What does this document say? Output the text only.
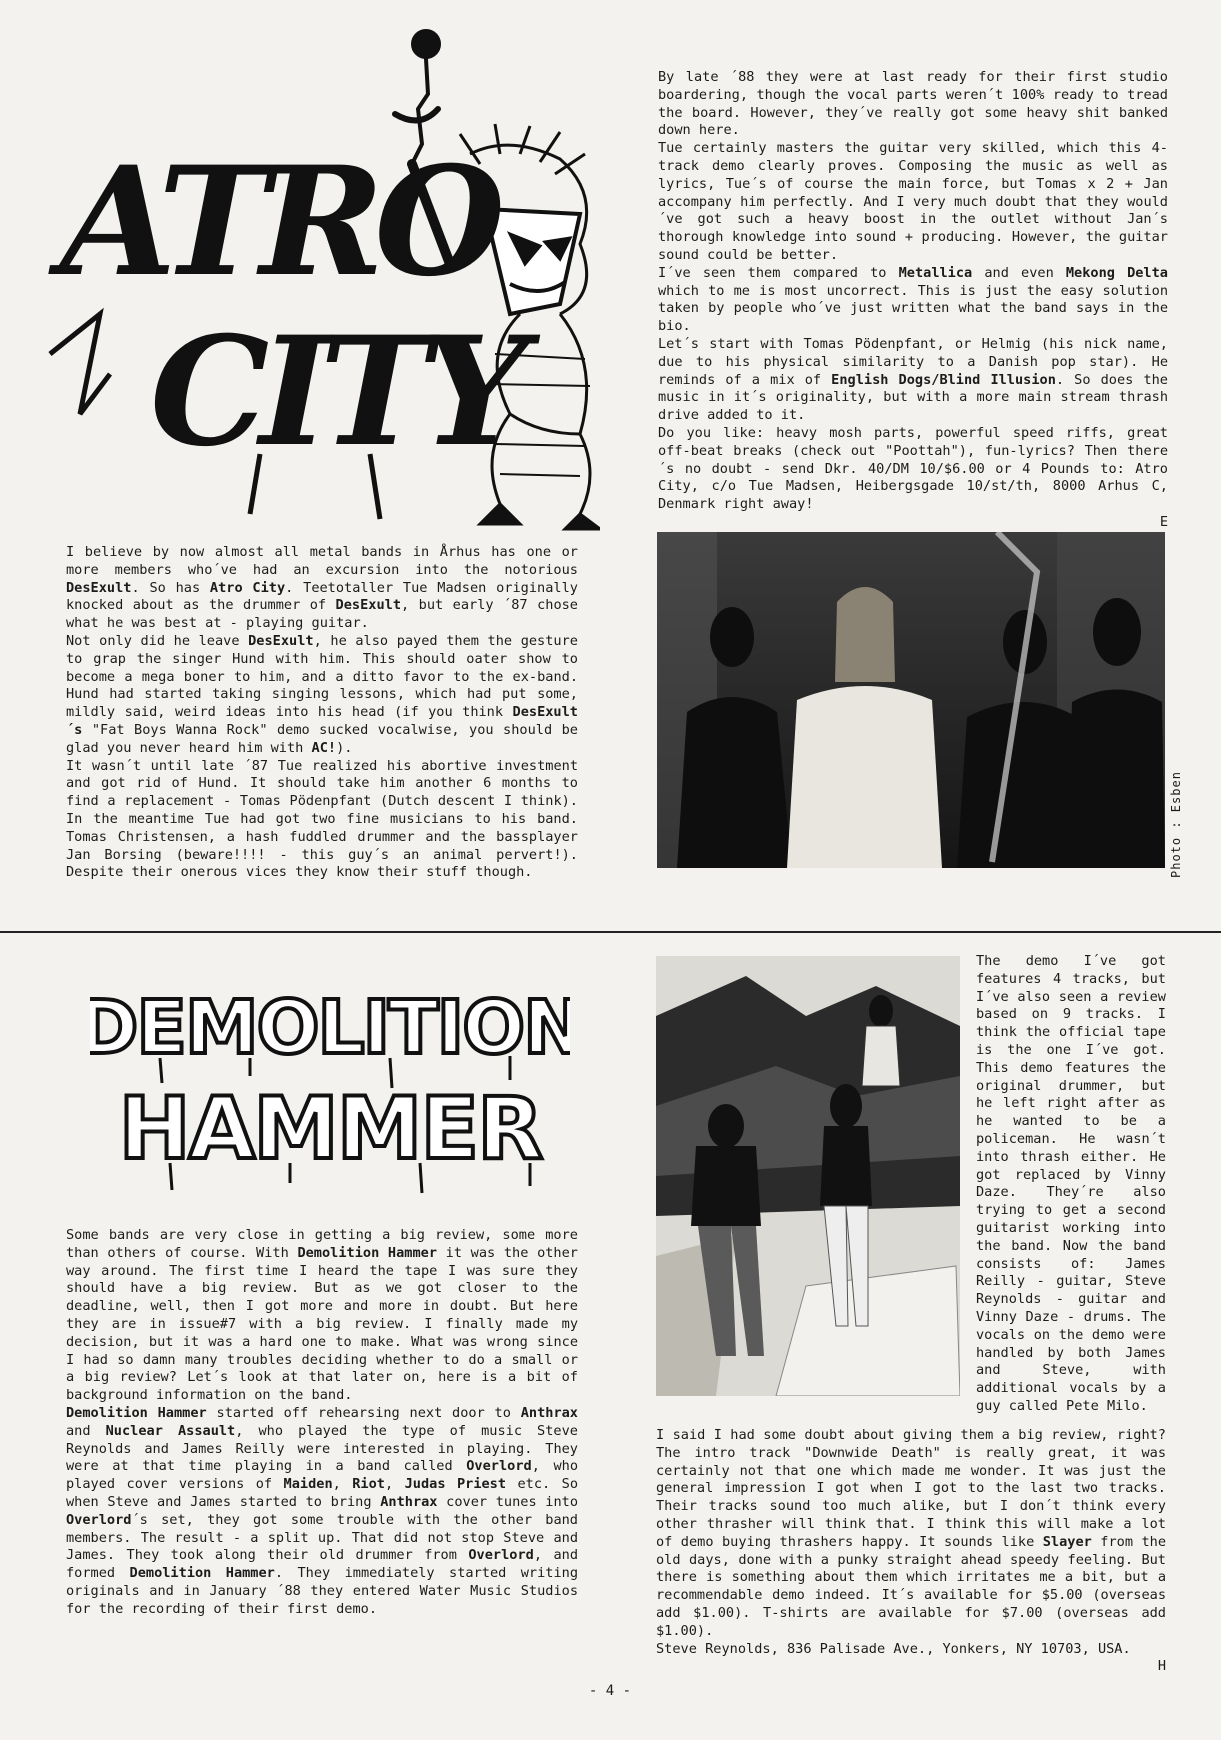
ATRO
CITY

I believe by now almost all metal bands in Århus has one or more members who´ve had an excursion into the notorious DesExult. So has Atro City. Teetotaller Tue Madsen originally knocked about as the drummer of DesExult, but early ´87 chose what he was best at - playing guitar.

Not only did he leave DesExult, he also payed them the gesture to grap the singer Hund with him. This should oater show to become a mega boner to him, and a ditto favor to the ex-band. Hund had started taking singing lessons, which had put some, mildly said, weird ideas into his head (if you think DesExult´s "Fat Boys Wanna Rock" demo sucked vocalwise, you should be glad you never heard him with AC!).

It wasn´t until late ´87 Tue realized his abortive investment and got rid of Hund. It should take him another 6 months to find a replacement - Tomas Pödenpfant (Dutch descent I think). In the meantime Tue had got two fine musicians to his band. Tomas Christensen, a hash fuddled drummer and the bassplayer Jan Borsing (beware!!!! - this guy´s an animal pervert!). Despite their onerous vices they know their stuff though.

By late ´88 they were at last ready for their first studio boardering, though the vocal parts weren´t 100% ready to tread the board. However, they´ve really got some heavy shit banked down here.

Tue certainly masters the guitar very skilled, which this 4-track demo clearly proves. Composing the music as well as lyrics, Tue´s of course the main force, but Tomas x 2 + Jan accompany him perfectly. And I very much doubt that they would´ve got such a heavy boost in the outlet without Jan´s thorough knowledge into sound + producing. However, the guitar sound could be better.

I´ve seen them compared to Metallica and even Mekong Delta which to me is most uncorrect. This is just the easy solution taken by people who´ve just written what the band says in the bio.

Let´s start with Tomas Pödenpfant, or Helmig (his nick name, due to his physical similarity to a Danish pop star). He reminds of a mix of English Dogs/Blind Illusion. So does the music in it´s originality, but with a more main stream thrash drive added to it.

Do you like: heavy mosh parts, powerful speed riffs, great off-beat breaks (check out "Poottah"), fun-lyrics? Then there´s no doubt - send Dkr. 40/DM 10/$6.00 or 4 Pounds to: Atro City, c/o Tue Madsen, Heibergsgade 10/st/th, 8000 Arhus C, Denmark right away!

E

Photo : Esben
DEMOLITION
HAMMER

Some bands are very close in getting a big review, some more than others of course. With Demolition Hammer it was the other way around. The first time I heard the tape I was sure they should have a big review. But as we got closer to the deadline, well, then I got more and more in doubt. But here they are in issue#7 with a big review. I finally made my decision, but it was a hard one to make. What was wrong since I had so damn many troubles deciding whether to do a small or a big review? Let´s look at that later on, here is a bit of background information on the band.

Demolition Hammer started off rehearsing next door to Anthrax and Nuclear Assault, who played the type of music Steve Reynolds and James Reilly were interested in playing. They were at that time playing in a band called Overlord, who played cover versions of Maiden, Riot, Judas Priest etc. So when Steve and James started to bring Anthrax cover tunes into Overlord´s set, they got some trouble with the other band members. The result - a split up. That did not stop Steve and James. They took along their old drummer from Overlord, and formed Demolition Hammer. They immediately started writing originals and in January ´88 they entered Water Music Studios for the recording of their first demo.

The demo I´ve got features 4 tracks, but I´ve also seen a review based on 9 tracks. I think the official tape is the one I´ve got. This demo features the original drummer, but he left right after as he wanted to be a policeman. He wasn´t into thrash either. He got replaced by Vinny Daze. They´re also trying to get a second guitarist working into the band. Now the band consists of: James Reilly - guitar, Steve Reynolds - guitar and Vinny Daze - drums. The vocals on the demo were handled by both James and Steve, with additional vocals by a guy called Pete Milo.

I said I had some doubt about giving them a big review, right? The intro track "Downwide Death" is really great, it was certainly not that one which made me wonder. It was just the general impression I got when I got to the last two tracks. Their tracks sound too much alike, but I don´t think every other thrasher will think that. I think this will make a lot of demo buying thrashers happy. It sounds like Slayer from the old days, done with a punky straight ahead speedy feeling. But there is something about them which irritates me a bit, but a recommendable demo indeed. It´s available for $5.00 (overseas add $1.00). T-shirts are available for $7.00 (overseas add $1.00).

Steve Reynolds, 836 Palisade Ave., Yonkers, NY 10703, USA.

H

- 4 -
